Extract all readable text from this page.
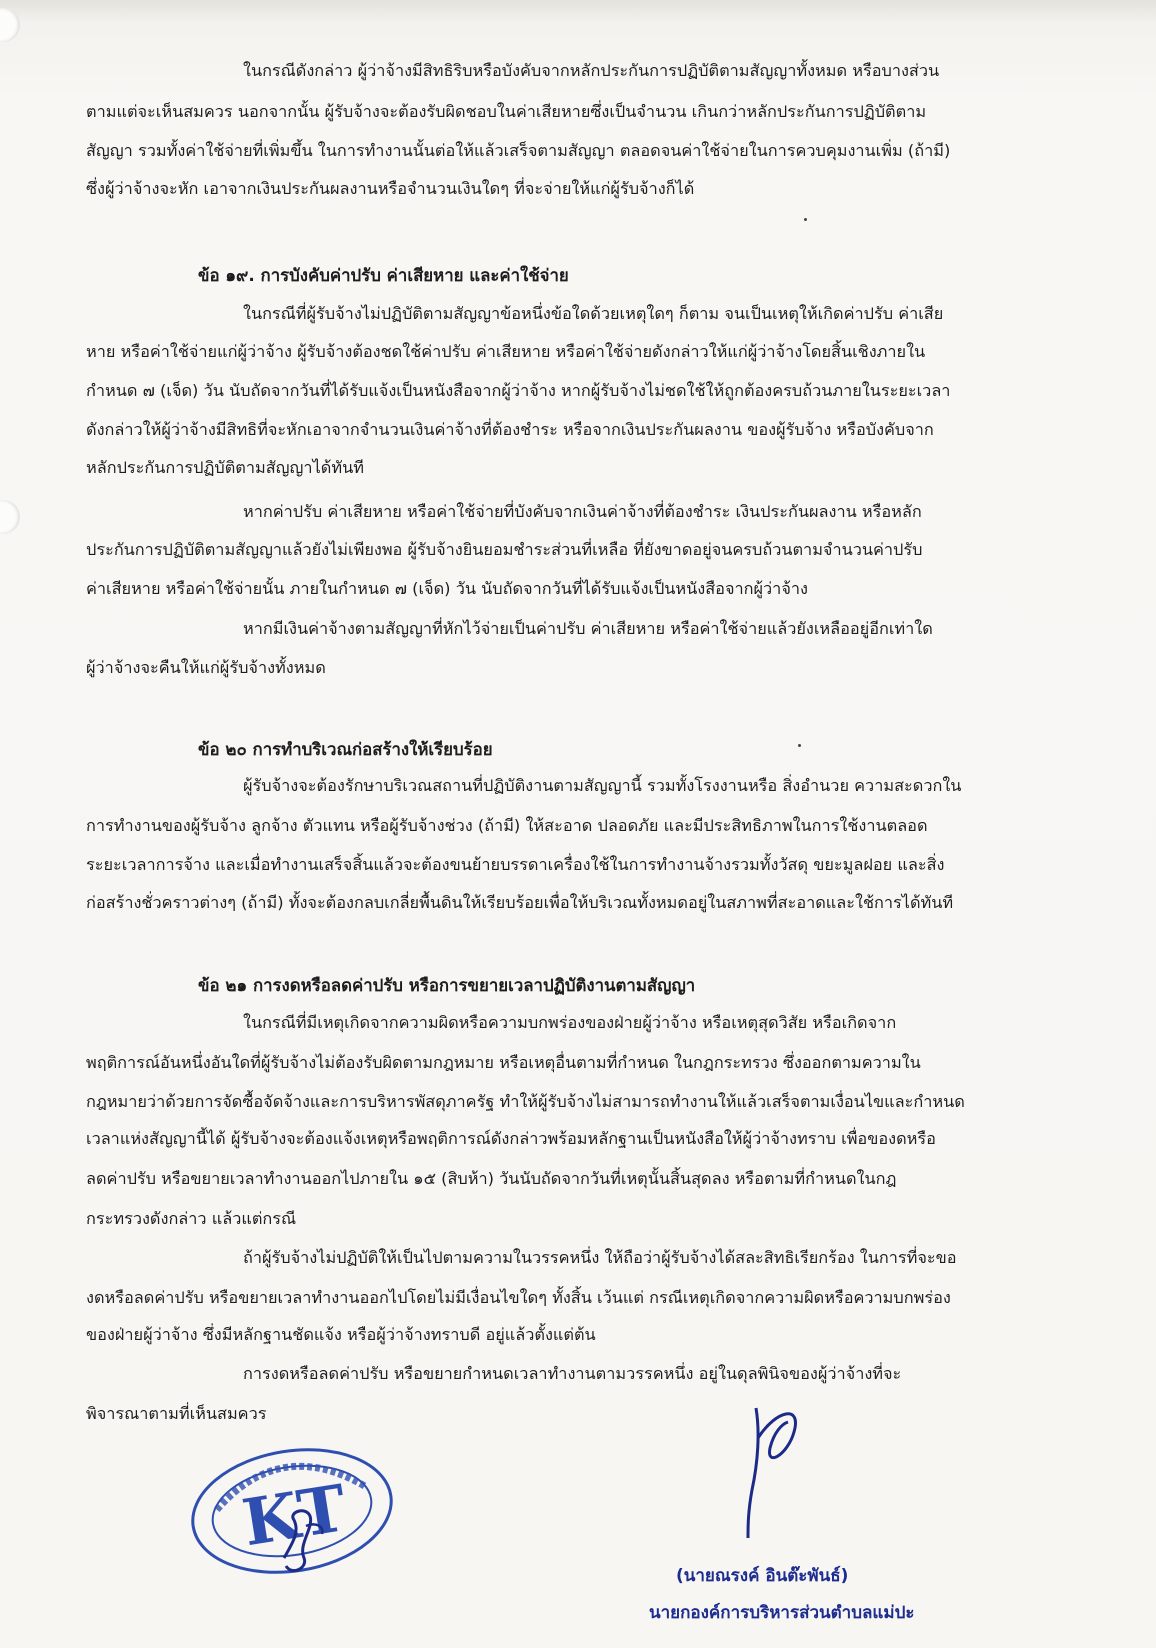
ในกรณีดังกล่าว ผู้ว่าจ้างมีสิทธิริบหรือบังคับจากหลักประกันการปฏิบัติตามสัญญาทั้งหมด หรือบางส่วน
ตามแต่จะเห็นสมควร นอกจากนั้น ผู้รับจ้างจะต้องรับผิดชอบในค่าเสียหายซึ่งเป็นจำนวน เกินกว่าหลักประกันการปฏิบัติตาม
สัญญา รวมทั้งค่าใช้จ่ายที่เพิ่มขึ้น ในการทำงานนั้นต่อให้แล้วเสร็จตามสัญญา ตลอดจนค่าใช้จ่ายในการควบคุมงานเพิ่ม (ถ้ามี)
ซึ่งผู้ว่าจ้างจะหัก เอาจากเงินประกันผลงานหรือจำนวนเงินใดๆ ที่จะจ่ายให้แก่ผู้รับจ้างก็ได้
ข้อ ๑๙. การบังคับค่าปรับ ค่าเสียหาย และค่าใช้จ่าย
ในกรณีที่ผู้รับจ้างไม่ปฏิบัติตามสัญญาข้อหนึ่งข้อใดด้วยเหตุใดๆ ก็ตาม จนเป็นเหตุให้เกิดค่าปรับ ค่าเสีย
หาย หรือค่าใช้จ่ายแก่ผู้ว่าจ้าง ผู้รับจ้างต้องชดใช้ค่าปรับ ค่าเสียหาย หรือค่าใช้จ่ายดังกล่าวให้แก่ผู้ว่าจ้างโดยสิ้นเชิงภายใน
กำหนด ๗ (เจ็ด) วัน นับถัดจากวันที่ได้รับแจ้งเป็นหนังสือจากผู้ว่าจ้าง หากผู้รับจ้างไม่ชดใช้ให้ถูกต้องครบถ้วนภายในระยะเวลา
ดังกล่าวให้ผู้ว่าจ้างมีสิทธิที่จะหักเอาจากจำนวนเงินค่าจ้างที่ต้องชำระ หรือจากเงินประกันผลงาน ของผู้รับจ้าง หรือบังคับจาก
หลักประกันการปฏิบัติตามสัญญาได้ทันที
หากค่าปรับ ค่าเสียหาย หรือค่าใช้จ่ายที่บังคับจากเงินค่าจ้างที่ต้องชำระ เงินประกันผลงาน หรือหลัก
ประกันการปฏิบัติตามสัญญาแล้วยังไม่เพียงพอ ผู้รับจ้างยินยอมชำระส่วนที่เหลือ ที่ยังขาดอยู่จนครบถ้วนตามจำนวนค่าปรับ
ค่าเสียหาย หรือค่าใช้จ่ายนั้น ภายในกำหนด ๗ (เจ็ด) วัน นับถัดจากวันที่ได้รับแจ้งเป็นหนังสือจากผู้ว่าจ้าง
หากมีเงินค่าจ้างตามสัญญาที่หักไว้จ่ายเป็นค่าปรับ ค่าเสียหาย หรือค่าใช้จ่ายแล้วยังเหลืออยู่อีกเท่าใด
ผู้ว่าจ้างจะคืนให้แก่ผู้รับจ้างทั้งหมด
ข้อ ๒๐ การทำบริเวณก่อสร้างให้เรียบร้อย
ผู้รับจ้างจะต้องรักษาบริเวณสถานที่ปฏิบัติงานตามสัญญานี้ รวมทั้งโรงงานหรือ สิ่งอำนวย ความสะดวกใน
การทำงานของผู้รับจ้าง ลูกจ้าง ตัวแทน หรือผู้รับจ้างช่วง (ถ้ามี) ให้สะอาด ปลอดภัย และมีประสิทธิภาพในการใช้งานตลอด
ระยะเวลาการจ้าง และเมื่อทำงานเสร็จสิ้นแล้วจะต้องขนย้ายบรรดาเครื่องใช้ในการทำงานจ้างรวมทั้งวัสดุ ขยะมูลฝอย และสิ่ง
ก่อสร้างชั่วคราวต่างๆ (ถ้ามี) ทั้งจะต้องกลบเกลี่ยพื้นดินให้เรียบร้อยเพื่อให้บริเวณทั้งหมดอยู่ในสภาพที่สะอาดและใช้การได้ทันที
ข้อ ๒๑ การงดหรือลดค่าปรับ หรือการขยายเวลาปฏิบัติงานตามสัญญา
ในกรณีที่มีเหตุเกิดจากความผิดหรือความบกพร่องของฝ่ายผู้ว่าจ้าง หรือเหตุสุดวิสัย หรือเกิดจาก
พฤติการณ์อันหนึ่งอันใดที่ผู้รับจ้างไม่ต้องรับผิดตามกฎหมาย หรือเหตุอื่นตามที่กำหนด ในกฎกระทรวง ซึ่งออกตามความใน
กฎหมายว่าด้วยการจัดซื้อจัดจ้างและการบริหารพัสดุภาครัฐ ทำให้ผู้รับจ้างไม่สามารถทำงานให้แล้วเสร็จตามเงื่อนไขและกำหนด
เวลาแห่งสัญญานี้ได้ ผู้รับจ้างจะต้องแจ้งเหตุหรือพฤติการณ์ดังกล่าวพร้อมหลักฐานเป็นหนังสือให้ผู้ว่าจ้างทราบ เพื่อของดหรือ
ลดค่าปรับ หรือขยายเวลาทำงานออกไปภายใน ๑๕ (สิบห้า) วันนับถัดจากวันที่เหตุนั้นสิ้นสุดลง หรือตามที่กำหนดในกฎ
กระทรวงดังกล่าว แล้วแต่กรณี
ถ้าผู้รับจ้างไม่ปฏิบัติให้เป็นไปตามความในวรรคหนึ่ง ให้ถือว่าผู้รับจ้างได้สละสิทธิเรียกร้อง ในการที่จะขอ
งดหรือลดค่าปรับ หรือขยายเวลาทำงานออกไปโดยไม่มีเงื่อนไขใดๆ ทั้งสิ้น เว้นแต่ กรณีเหตุเกิดจากความผิดหรือความบกพร่อง
ของฝ่ายผู้ว่าจ้าง ซึ่งมีหลักฐานชัดแจ้ง หรือผู้ว่าจ้างทราบดี อยู่แล้วตั้งแต่ต้น
การงดหรือลดค่าปรับ หรือขยายกำหนดเวลาทำงานตามวรรคหนึ่ง อยู่ในดุลพินิจของผู้ว่าจ้างที่จะ
พิจารณาตามที่เห็นสมควร
KT
(นายณรงค์ อินต๊ะพันธ์)
นายกองค์การบริหารส่วนตำบลแม่ปะ
